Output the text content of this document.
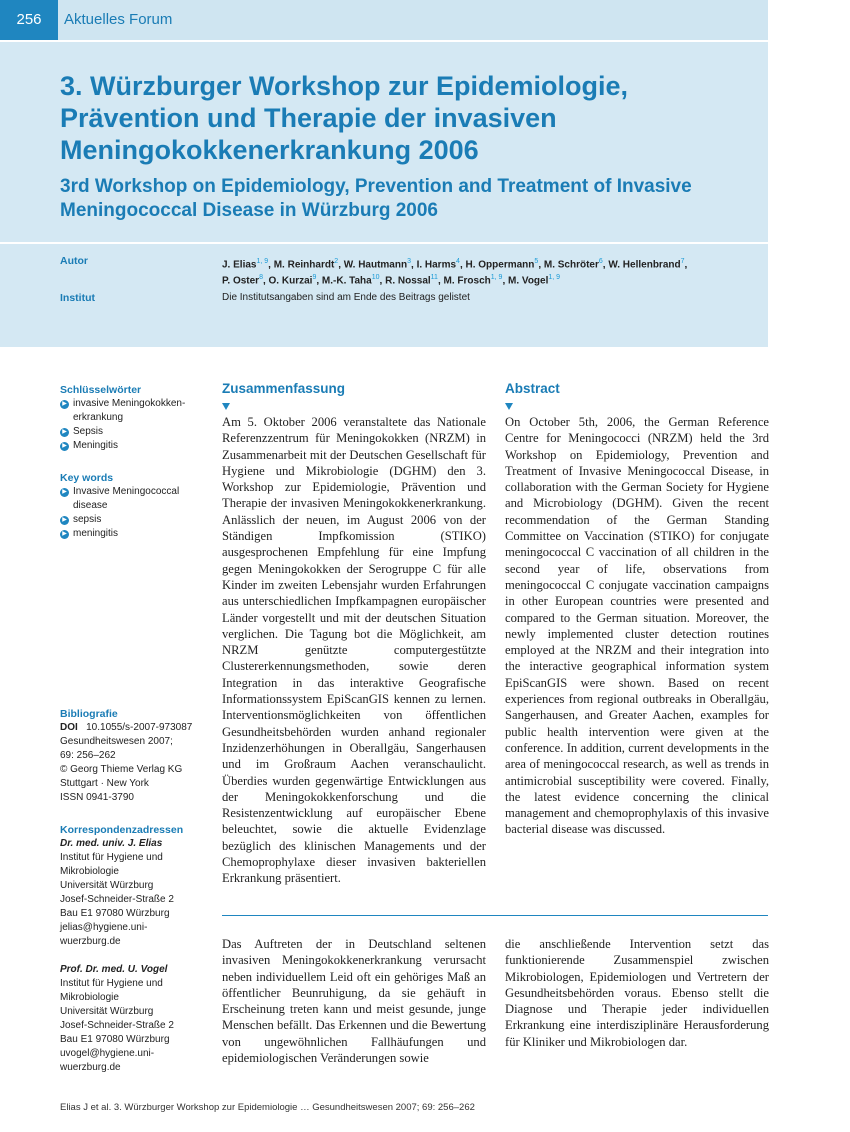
256	Aktuelles Forum
3. Würzburger Workshop zur Epidemiologie, Prävention und Therapie der invasiven Meningokokkenerkrankung 2006
3rd Workshop on Epidemiology, Prevention and Treatment of Invasive Meningococcal Disease in Würzburg 2006
Autor	J. Elias$^{1, 9}$, M. Reinhardt$^2$, W. Hautmann$^3$, I. Harms$^4$, H. Oppermann$^5$, M. Schröter$^6$, W. Hellenbrand$^7$,
P. Oster$^8$, O. Kurzai$^9$, M.-K. Taha$^{10}$, R. Nossal$^{11}$, M. Frosch$^{1, 9}$, M. Vogel$^{1, 9}$
Institut	Die Institutsangaben sind am Ende des Beitrags gelistet
Schlüsselwörter
▶ invasive Meningokokken-
erkrankung
▶ Sepsis
▶ Meningitis
Key words
▶ Invasive Meningococcal
disease
▶ sepsis
▶ meningitis
Bibliografie
DOI 10.1055/s-2007-973087
Gesundheitswesen 2007;
69: 256–262
© Georg Thieme Verlag KG
Stuttgart · New York
ISSN 0941-3790
Korrespondenzadressen
Dr. med. univ. J. Elias
Institut für Hygiene und
Mikrobiologie
Universität Würzburg
Josef-Schneider-Straße 2
Bau E1 97080 Würzburg
jelias@hygiene.uni-
wuerzburg.de
Prof. Dr. med. U. Vogel
Institut für Hygiene und
Mikrobiologie
Universität Würzburg
Josef-Schneider-Straße 2
Bau E1 97080 Würzburg
uvogel@hygiene.uni-
wuerzburg.de
Zusammenfassung
Am 5. Oktober 2006 veranstaltete das Nationale Referenzzentrum für Meningokokken (NRZM) in Zusammenarbeit mit der Deutschen Gesellschaft für Hygiene und Mikrobiologie (DGHM) den 3. Workshop zur Epidemiologie, Prävention und Therapie der invasiven Meningokokkenerkrankung. Anlässlich der neuen, im August 2006 von der Ständigen Impfkomission (STIKO) ausgesprochenen Empfehlung für eine Impfung gegen Meningokokken der Serogruppe C für alle Kinder im zweiten Lebensjahr wurden Erfahrungen aus unterschiedlichen Impfkampagnen europäischer Länder vorgestellt und mit der deutschen Situation verglichen. Die Tagung bot die Möglichkeit, am NRZM genützte computergestützte Clustererkennungsmethoden, sowie deren Integration in das interaktive Geografische Informationssystem EpiScanGIS kennen zu lernen. Interventionsmöglichkeiten von öffentlichen Gesundheitsbehörden wurden anhand regionaler Inzidenzerhöhungen in Oberallgäu, Sangerhausen und im Großraum Aachen veranschaulicht. Überdies wurden gegenwärtige Entwicklungen aus der Meningokokkenforschung und die Resistenzentwicklung auf europäischer Ebene beleuchtet, sowie die aktuelle Evidenzlage bezüglich des klinischen Managements und der Chemoprophylaxe dieser invasiven bakteriellen Erkrankung präsentiert.
Abstract
On October 5th, 2006, the German Reference Centre for Meningococci (NRZM) held the 3rd Workshop on Epidemiology, Prevention and Treatment of Invasive Meningococcal Disease, in collaboration with the German Society for Hygiene and Microbiology (DGHM). Given the recent recommendation of the German Standing Committee on Vaccination (STIKO) for conjugate meningococcal C vaccination of all children in the second year of life, observations from meningococcal C conjugate vaccination campaigns in other European countries were presented and compared to the German situation. Moreover, the newly implemented cluster detection routines employed at the NRZM and their integration into the interactive geographical information system EpiScanGIS were shown. Based on recent experiences from regional outbreaks in Oberallgäu, Sangerhausen, and Greater Aachen, examples for public health intervention were given at the conference. In addition, current developments in the area of meningococcal research, as well as trends in antimicrobial susceptibility were covered. Finally, the latest evidence concerning the clinical management and chemoprophylaxis of this invasive bacterial disease was discussed.
Das Auftreten der in Deutschland seltenen invasiven Meningokokkenerkrankung verursacht neben individuellem Leid oft ein gehöriges Maß an öffentlicher Beunruhigung, da sie gehäuft in Erscheinung treten kann und meist gesunde, junge Menschen befällt. Das Erkennen und die Bewertung von ungewöhnlichen Fallhäufungen und epidemiologischen Veränderungen sowie
die anschließende Intervention setzt das funktionierende Zusammenspiel zwischen Mikrobiologen, Epidemiologen und Vertretern der Gesundheitsbehörden voraus. Ebenso stellt die Diagnose und Therapie jeder individuellen Erkrankung eine interdisziplinäre Herausforderung für Kliniker und Mikrobiologen dar.
Elias J et al. 3. Würzburger Workshop zur Epidemiologie … Gesundheitswesen 2007; 69: 256–262
